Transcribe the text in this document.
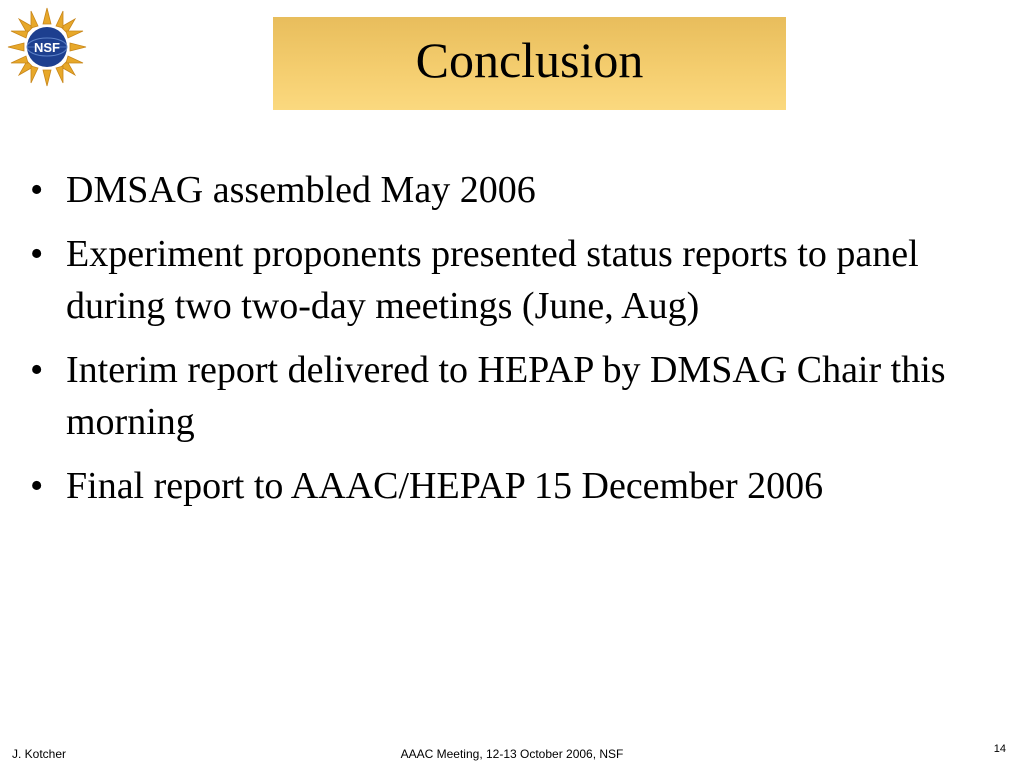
NSF	Conclusion
• DMSAG assembled May 2006
• Experiment proponents presented status reports to panel during two two-day meetings (June, Aug)
• Interim report delivered to HEPAP by DMSAG Chair this morning
• Final report to AAAC/HEPAP 15 December 2006
J. Kotcher	AAAC Meeting, 12-13 October 2006, NSF	14
